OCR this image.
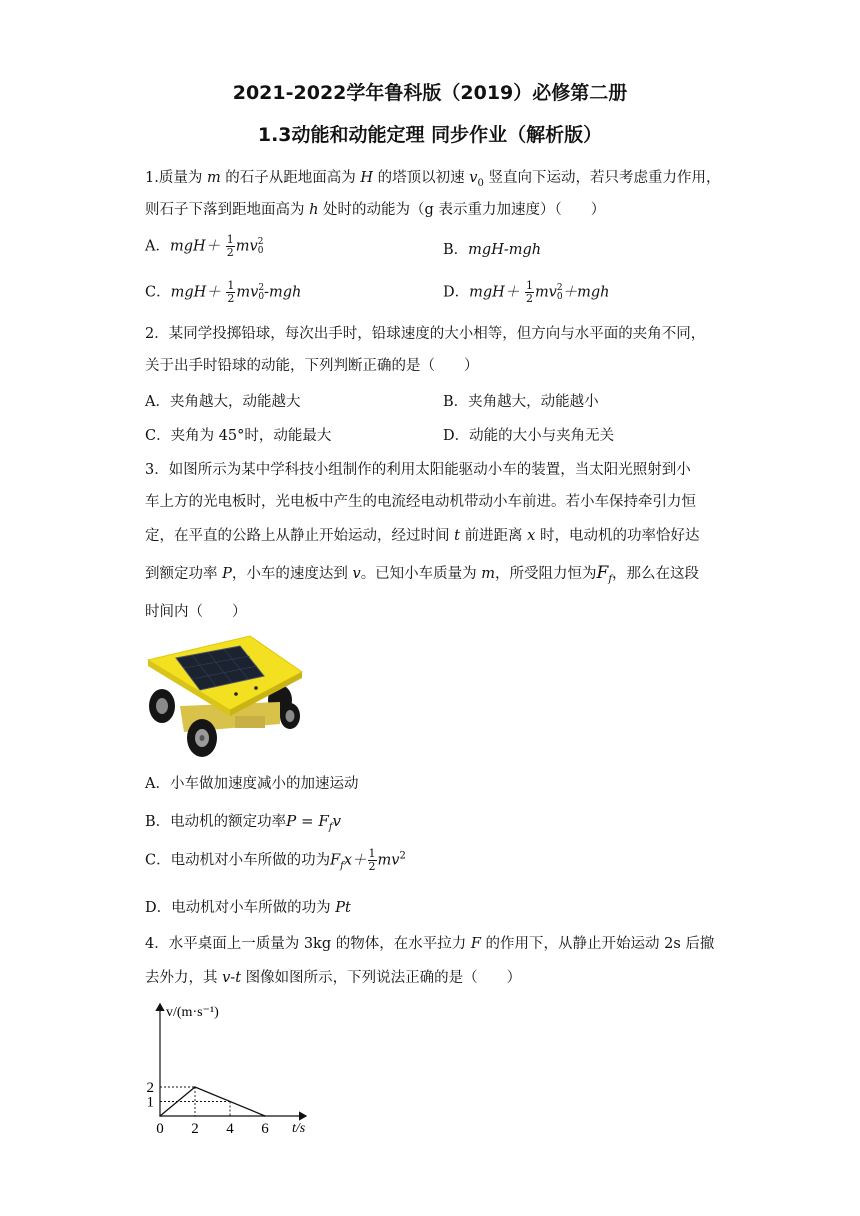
2021-2022学年鲁科版（2019）必修第二册
1.3动能和动能定理 同步作业（解析版）
1.质量为 m 的石子从距地面高为 H 的塔顶以初速 $v_0$ 竖直向下运动，若只考虑重力作用，
则石子下落到距地面高为 h 处时的动能为（g 表示重力加速度）（　　）
A．$mgH+ \frac{1}{2}$ mv 2
0	B．mgH-mgh
C．$mgH+ \frac{1}{2}$ mv 2
0 -mgh	D．$mgH+ \frac{1}{2}$ mv 2
0 ＋mgh
2．某同学投掷铅球，每次出手时，铅球速度的大小相等，但方向与水平面的夹角不同，
关于出手时铅球的动能，下列判断正确的是（　　）
A．夹角越大，动能越大	B．夹角越大，动能越小
C．夹角为 45°时，动能最大	D．动能的大小与夹角无关
3．如图所示为某中学科技小组制作的利用太阳能驱动小车的装置，当太阳光照射到小
车上方的光电板时，光电板中产生的电流经电动机带动小车前进。若小车保持牵引力恒
定，在平直的公路上从静止开始运动，经过时间 t 前进距离 x 时，电动机的功率恰好达
到额定功率 P，小车的速度达到 v。已知小车质量为 m，所受阻力恒为$F_f$，那么在这段
时间内（　　）
A．小车做加速度减小的加速运动
B．电动机的额定功率$P = F_fv$
C．电动机对小车所做的功为$F_fx+ \frac{1}{2} mv^2$
D．电动机对小车所做的功为 Pt
4．水平桌面上一质量为 3kg 的物体，在水平拉力 F 的作用下，从静止开始运动 2s 后撤
去外力，其 v-t 图像如图所示，下列说法正确的是（　　）
0 2 4 6
1
2
v/(m·s⁻¹)
t/s
